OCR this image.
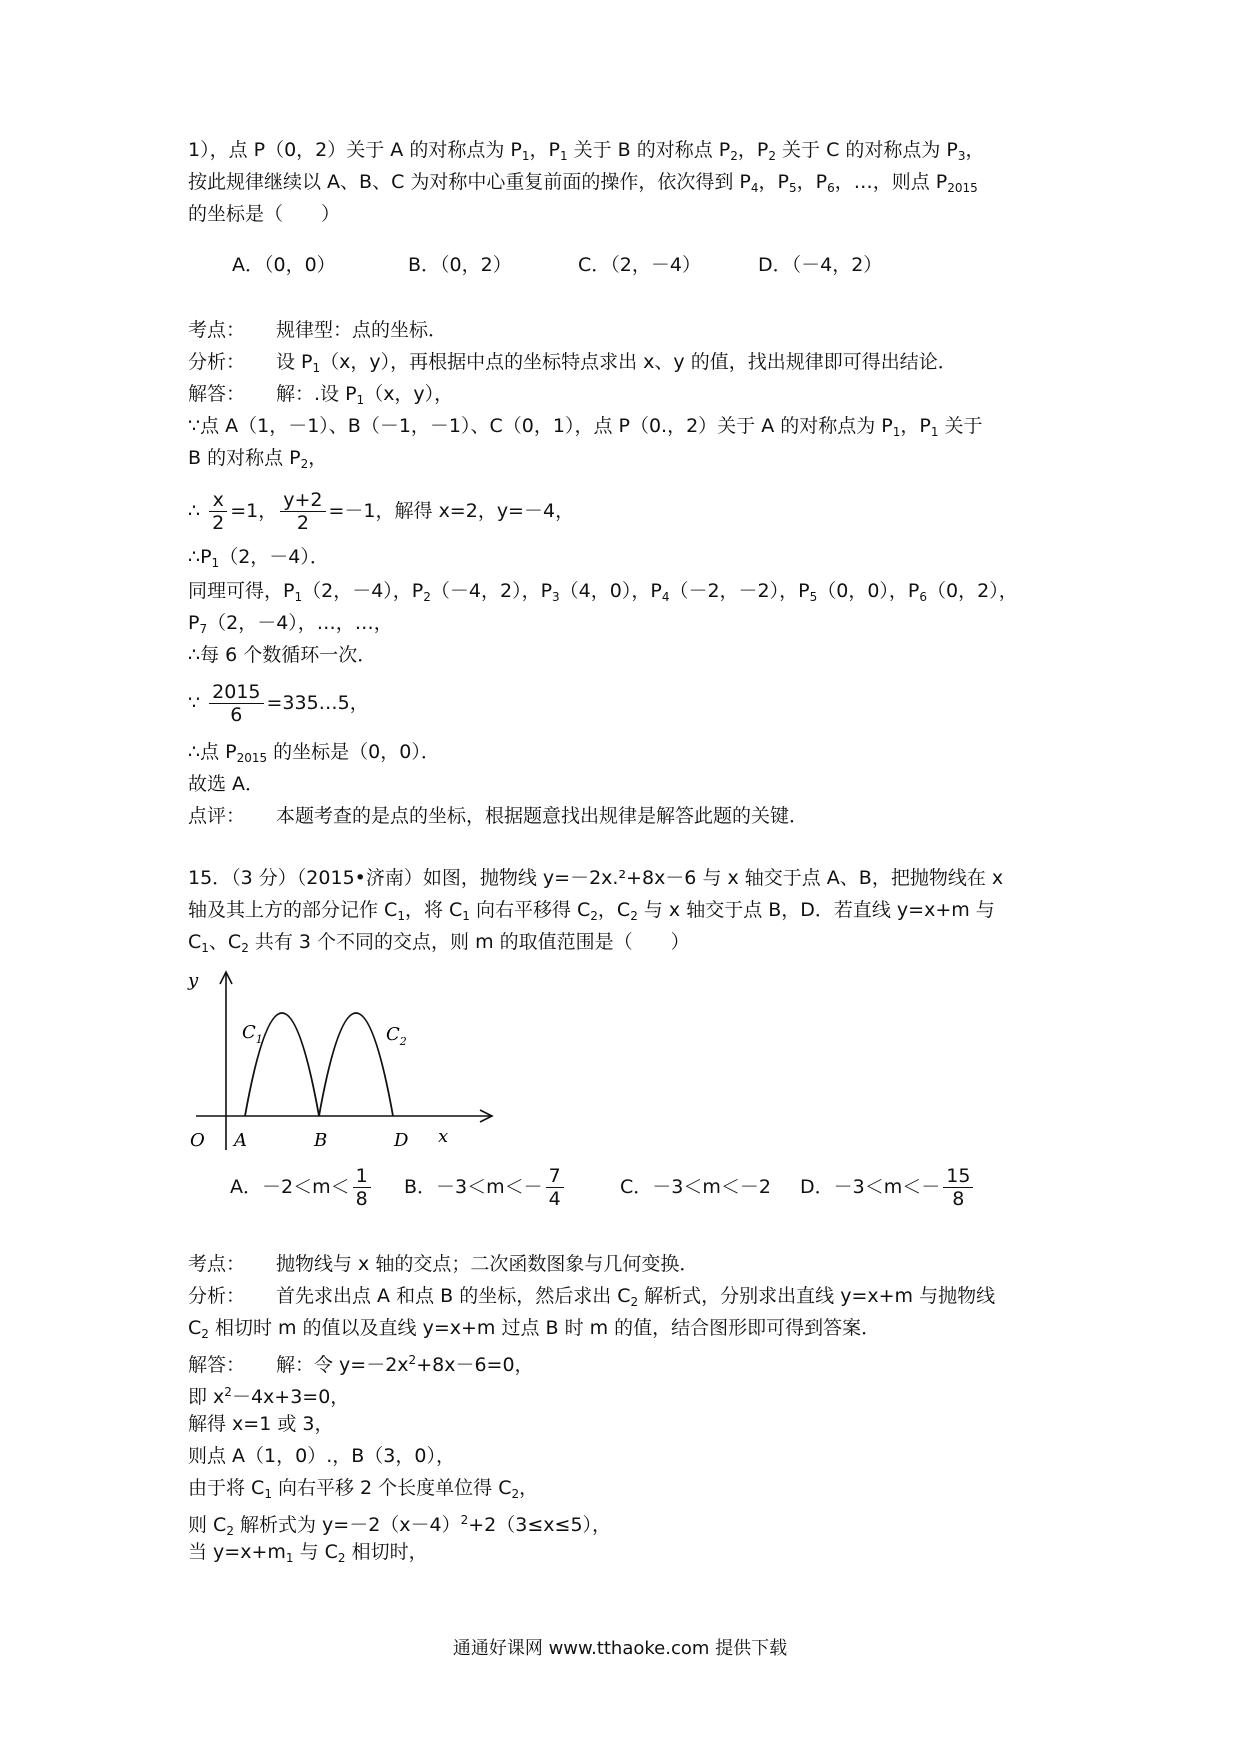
1），点 P（0，2）关于 A 的对称点为 $P_1$，$P_1$ 关于 B 的对称点 $P_2$，$P_2$ 关于 C 的对称点为 $P_3$，
按此规律继续以 A、B、C 为对称中心重复前面的操作，依次得到 $P_4$，$P_5$，$P_6$，…，则点 $P_{2015}$
的坐标是（　　）
A．（0，0）	B．（0，2）	C．（2，－4）	D．（－4，2）
考点： 规律型：点的坐标．
分析： 设 $P_1(x$，y），再根据中点的坐标特点求出 x、y 的值，找出规律即可得出结论．
解答： 解：.设 $P_1(x$，y），
∵点 A（1，－1）、B（－1，－1）、C（0，1），点 P（0.，2）关于 A 的对称点为 $P_1$，$P_1$ 关于
B 的对称点 $P_2$，
∴ $\frac{x}{2} =1$， $\frac{y+2}{2} =-1$，解得 x=2，y=－4，
$\therefore P_1(2$，－4）．
同理可得，$P_1(2$，－4），$P_2(-4$，2），$P_3(4$，0），$P_4(-2$，－2），$P_5(0$，0），$P_6(0$，2），
$P_7(2$，－4），…，…，
∴每 6 个数循环一次．
∵ $\frac{2015}{6}$ =335…5，
∴点 $P_{2015}$ 的坐标是（0，0）．
故选 A．
点评： 本题考查的是点的坐标，根据题意找出规律是解答此题的关键．
15．（3 分）（2015•济南）如图，抛物线 y=－2x.²+8x－6 与 x 轴交于点 A、B，把抛物线在 x
轴及其上方的部分记作 $C_1$，将 $C_1$ 向右平移得 $C_2$，$C_2$ 与 x 轴交于点 B，D．若直线 y=x+m 与
$C_1$、$C_2$ 共有 3 个不同的交点，则 m 的取值范围是（　　）
y
x
O A	B	D
$C_1$	$C_2$
A．$-2<m< \frac{1}{8}$ B．$-3<m<- \frac{7}{4}$	C．－3＜m＜－2 D．$-3<m<- \frac{15}{8}$
考点： 抛物线与 x 轴的交点；二次函数图象与几何变换．
分析： 首先求出点 A 和点 B 的坐标，然后求出 $C_2$ 解析式，分别求出直线 y=x+m 与抛物线
$C_2$ 相切时 m 的值以及直线 y=x+m 过点 B 时 m 的值，结合图形即可得到答案．
解答： 解：令 $y=-2x^2+8x-6=0$，
即 $x^2-4x+3=0$，
解得 x=1 或 3，
则点 A（1，0）.，B（3，0），
由于将 $C_1$ 向右平移 2 个长度单位得 $C_2$，
则 $C_2$ 解析式为 $y=-2(x-4)^2+2(3\le x\le 5)$，
当 $y=x+m_1$ 与 $C_2$ 相切时，
通通好课网 www.tthaoke.com 提供下载
